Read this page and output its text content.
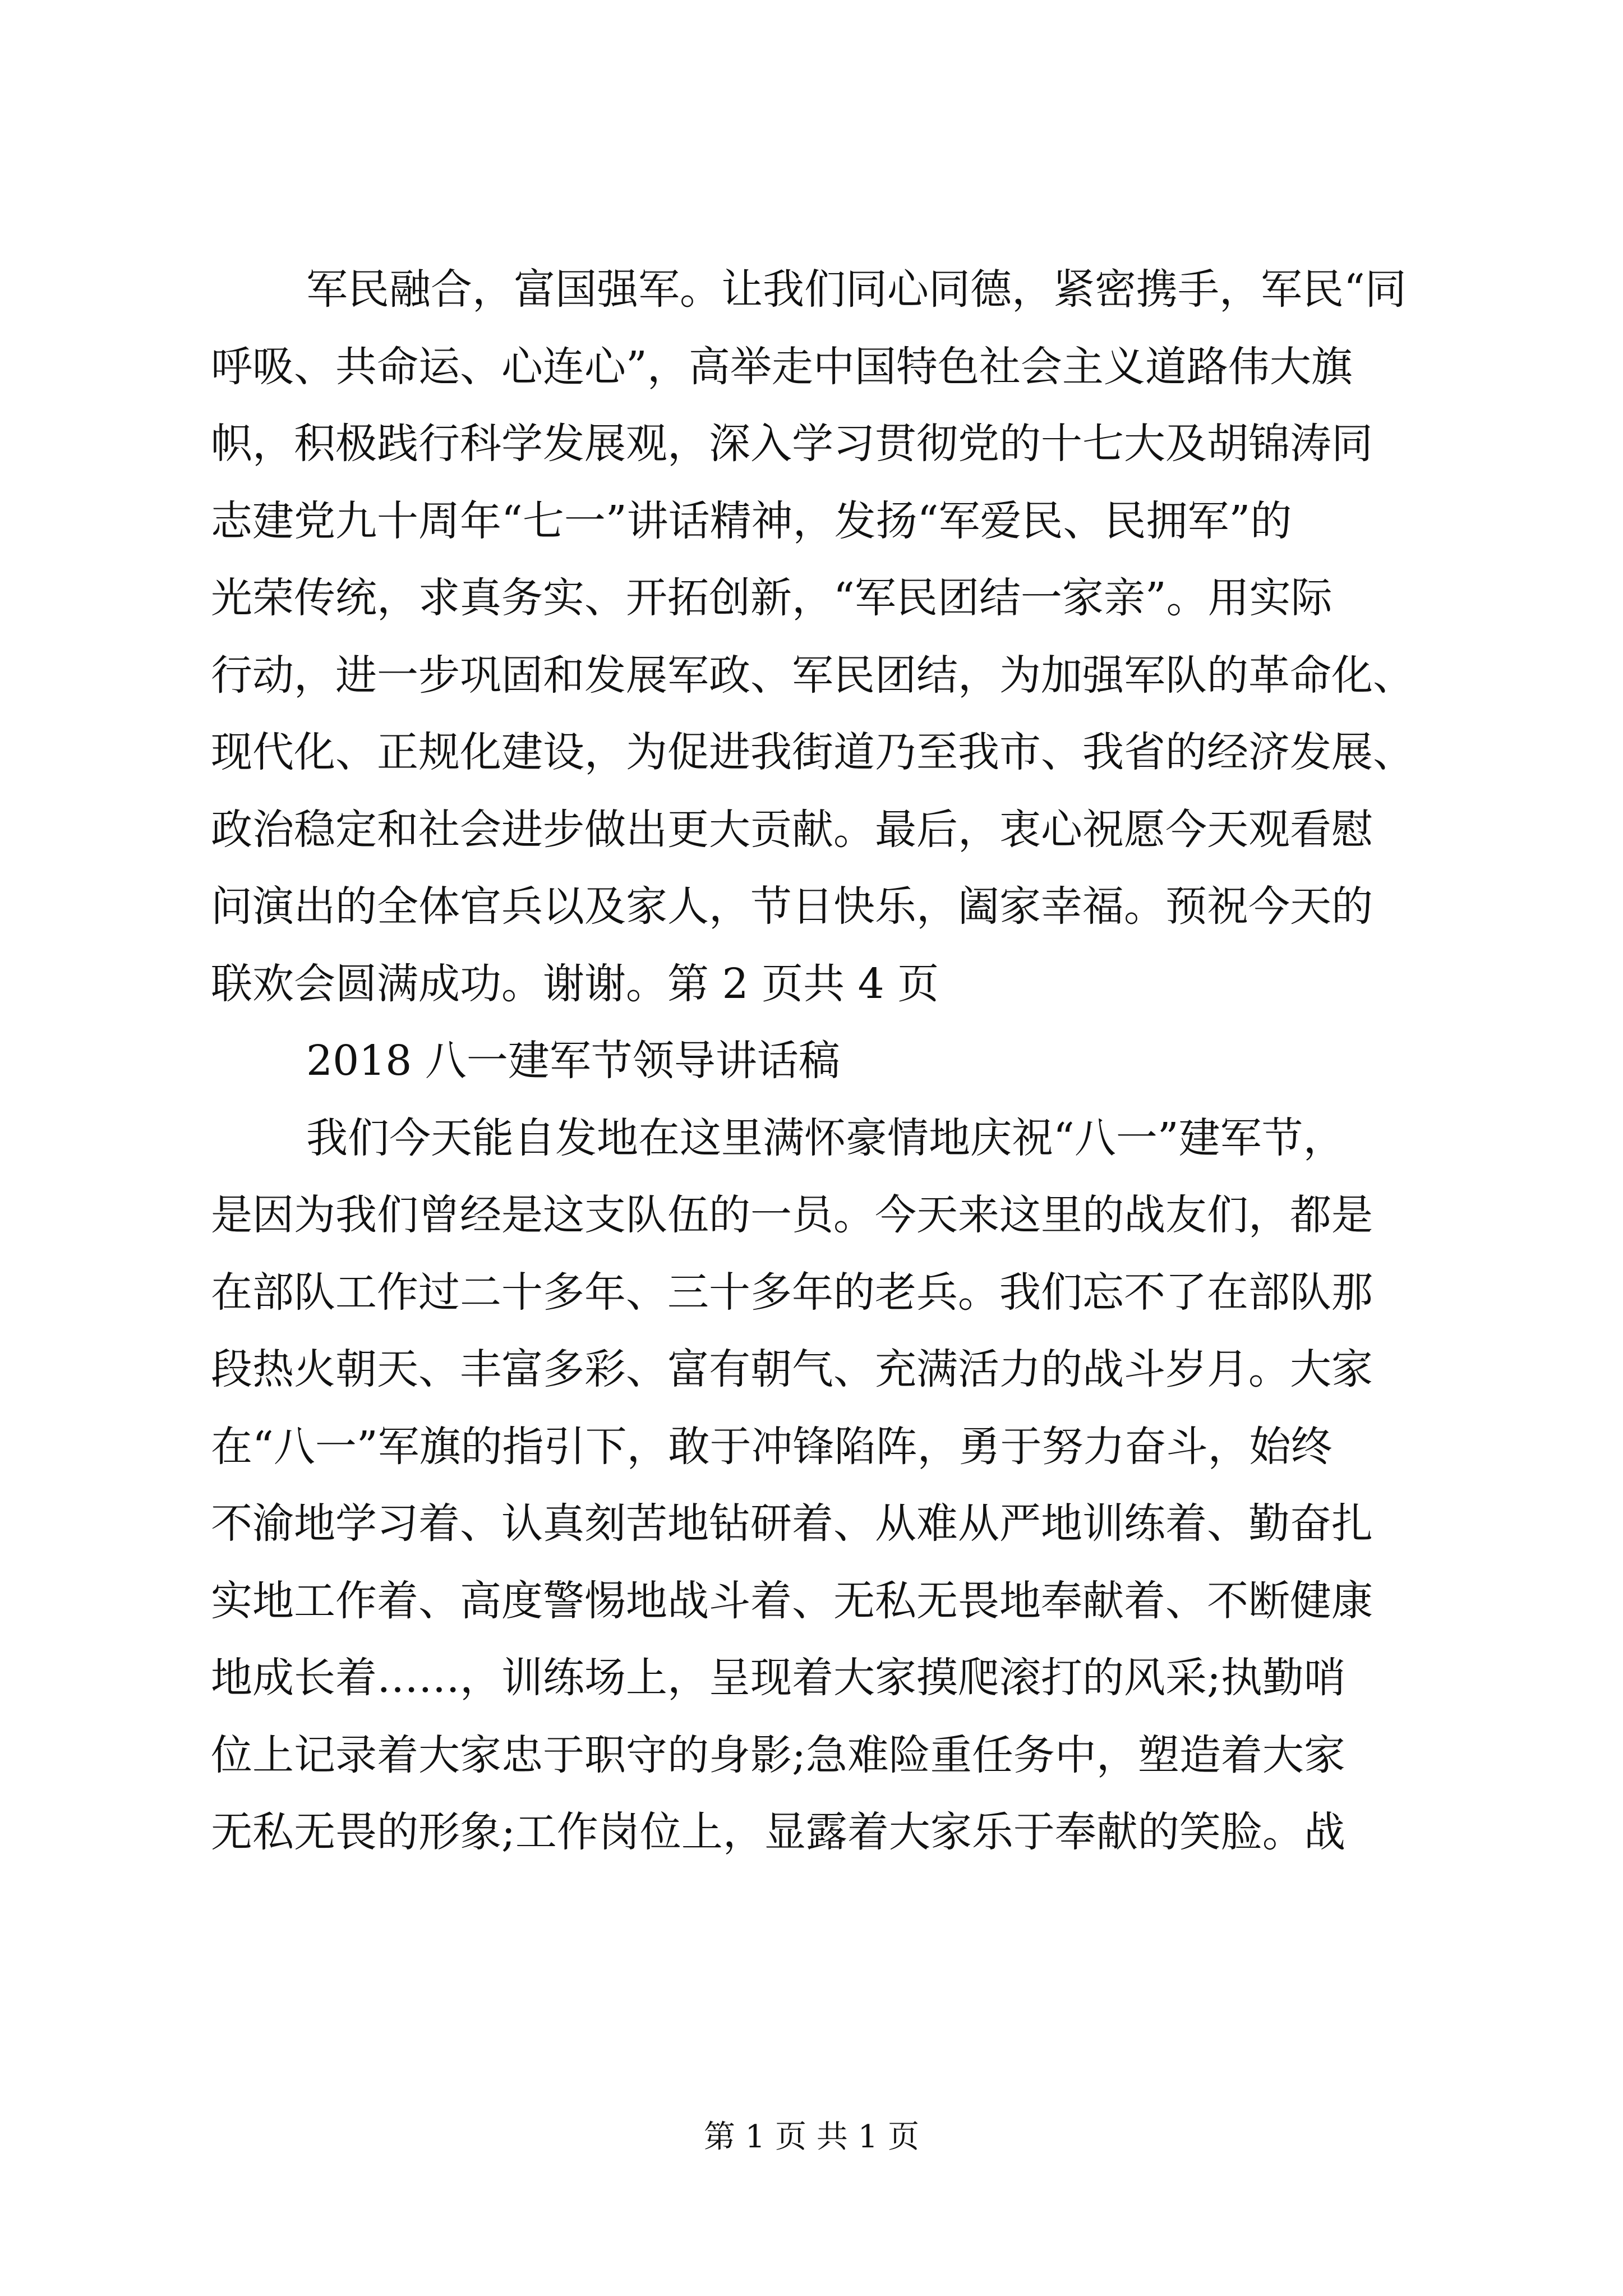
军民融合，富国强军。让我们同心同德，紧密携手，军民“同
呼吸、共命运、心连心”，高举走中国特色社会主义道路伟大旗
帜，积极践行科学发展观，深入学习贯彻党的十七大及胡锦涛同
志建党九十周年“七一”讲话精神，发扬“军爱民、民拥军”的
光荣传统，求真务实、开拓创新，“军民团结一家亲”。用实际
行动，进一步巩固和发展军政、军民团结，为加强军队的革命化、
现代化、正规化建设，为促进我街道乃至我市、我省的经济发展、
政治稳定和社会进步做出更大贡献。最后，衷心祝愿今天观看慰
问演出的全体官兵以及家人，节日快乐，阖家幸福。预祝今天的
联欢会圆满成功。谢谢。第 2 页共 4 页
2018 八一建军节领导讲话稿
我们今天能自发地在这里满怀豪情地庆祝“八一”建军节，
是因为我们曾经是这支队伍的一员。今天来这里的战友们，都是
在部队工作过二十多年、三十多年的老兵。我们忘不了在部队那
段热火朝天、丰富多彩、富有朝气、充满活力的战斗岁月。大家
在“八一”军旗的指引下，敢于冲锋陷阵，勇于努力奋斗，始终
不渝地学习着、认真刻苦地钻研着、从难从严地训练着、勤奋扎
实地工作着、高度警惕地战斗着、无私无畏地奉献着、不断健康
地成长着……，训练场上，呈现着大家摸爬滚打的风采;执勤哨
位上记录着大家忠于职守的身影;急难险重任务中，塑造着大家
无私无畏的形象;工作岗位上，显露着大家乐于奉献的笑脸。战
第 1 页 共 1 页
